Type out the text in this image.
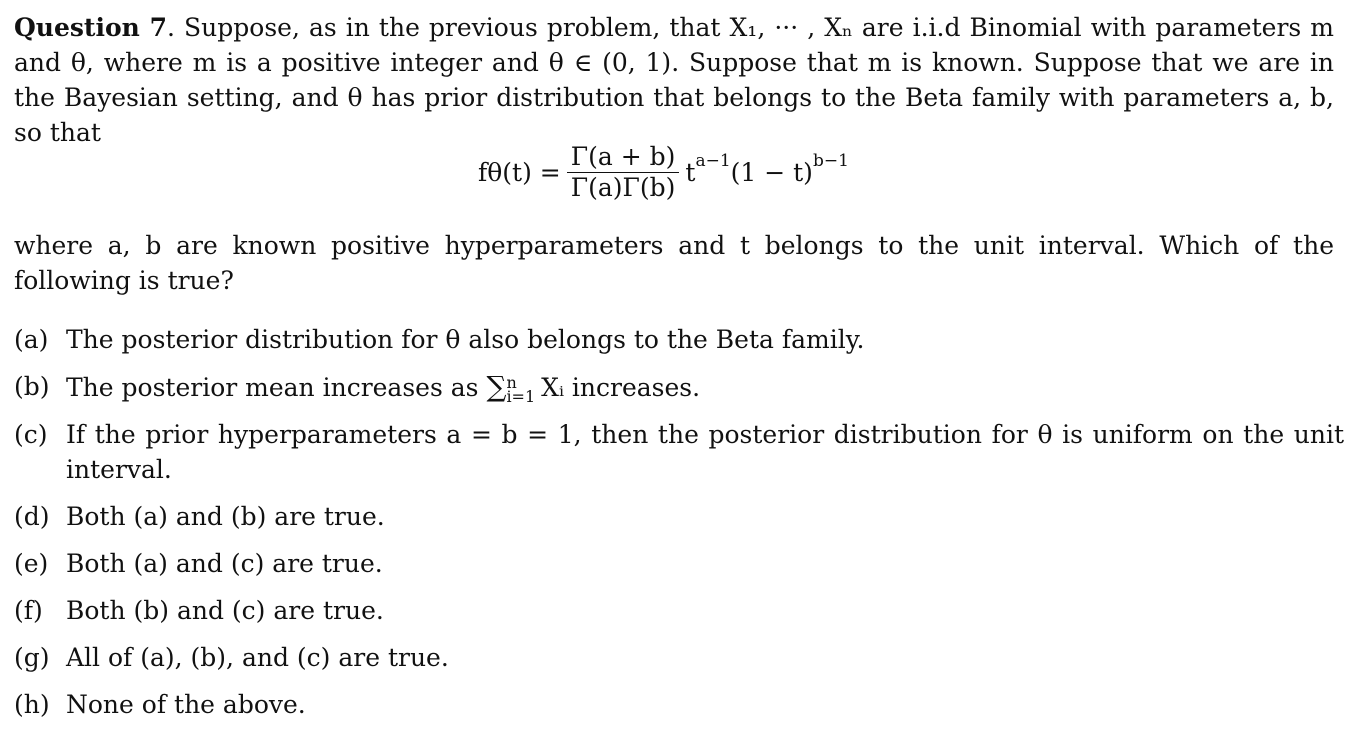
Question 7. Suppose, as in the previous problem, that X₁, ··· , Xₙ are i.i.d Binomial with parameters m and θ, where m is a positive integer and θ ∈ (0, 1). Suppose that m is known. Suppose that we are in the Bayesian setting, and θ has prior distribution that belongs to the Beta family with parameters a, b, so that
$f\theta(t) = \frac{\Gamma(a + b)}{\Gamma(a)\Gamma(b)}$ t a−1 (1 − t) b−1
where a, b are known positive hyperparameters and t belongs to the unit interval. Which of the following is true?
(a) The posterior distribution for θ also belongs to the Beta family.
(b) The posterior mean increases as ∑ n
i=1 Xᵢ increases.
(c) If the prior hyperparameters a = b = 1, then the posterior distribution for θ is uniform on the unit interval.
(d) Both (a) and (b) are true.
(e) Both (a) and (c) are true.
(f) Both (b) and (c) are true.
(g) All of (a), (b), and (c) are true.
(h) None of the above.
